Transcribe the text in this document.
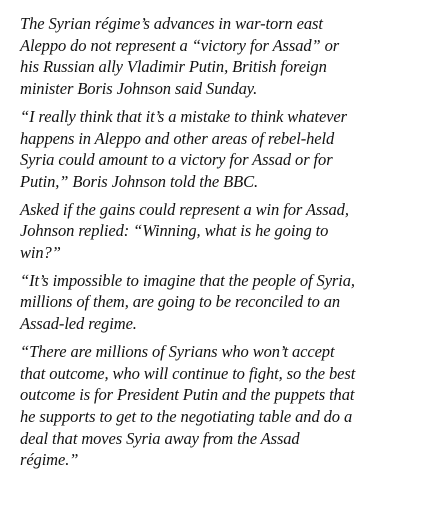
The Syrian régime’s advances in war-torn east
Aleppo do not represent a “victory for Assad” or
his Russian ally Vladimir Putin, British foreign
minister Boris Johnson said Sunday.

“I really think that it’s a mistake to think whatever
happens in Aleppo and other areas of rebel-held
Syria could amount to a victory for Assad or for
Putin,” Boris Johnson told the BBC.

Asked if the gains could represent a win for Assad,
Johnson replied: “Winning, what is he going to
win?”

“It’s impossible to imagine that the people of Syria,
millions of them, are going to be reconciled to an
Assad-led regime.

“There are millions of Syrians who won’t accept
that outcome, who will continue to fight, so the best
outcome is for President Putin and the puppets that
he supports to get to the negotiating table and do a
deal that moves Syria away from the Assad
régime.”
